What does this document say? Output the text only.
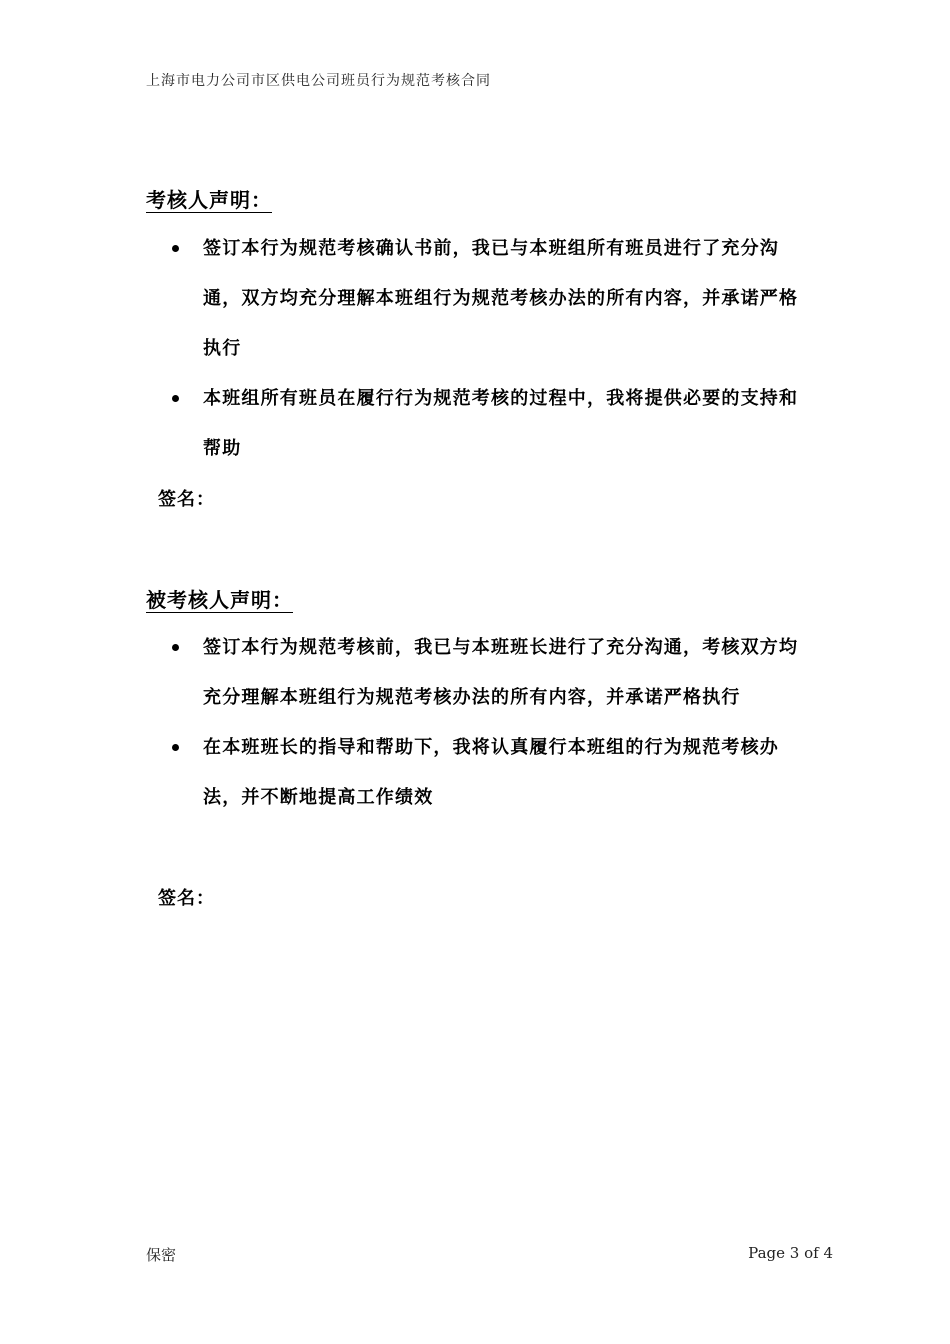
上海市电力公司市区供电公司班员行为规范考核合同
考核人声明：
签订本行为规范考核确认书前，我已与本班组所有班员进行了充分沟通，双方均充分理解本班组行为规范考核办法的所有内容，并承诺严格执行
本班组所有班员在履行行为规范考核的过程中，我将提供必要的支持和帮助
签名：
被考核人声明：
签订本行为规范考核前，我已与本班班长进行了充分沟通，考核双方均充分理解本班组行为规范考核办法的所有内容，并承诺严格执行
在本班班长的指导和帮助下，我将认真履行本班组的行为规范考核办法，并不断地提高工作绩效
签名：
保密	Page 3 of 4
